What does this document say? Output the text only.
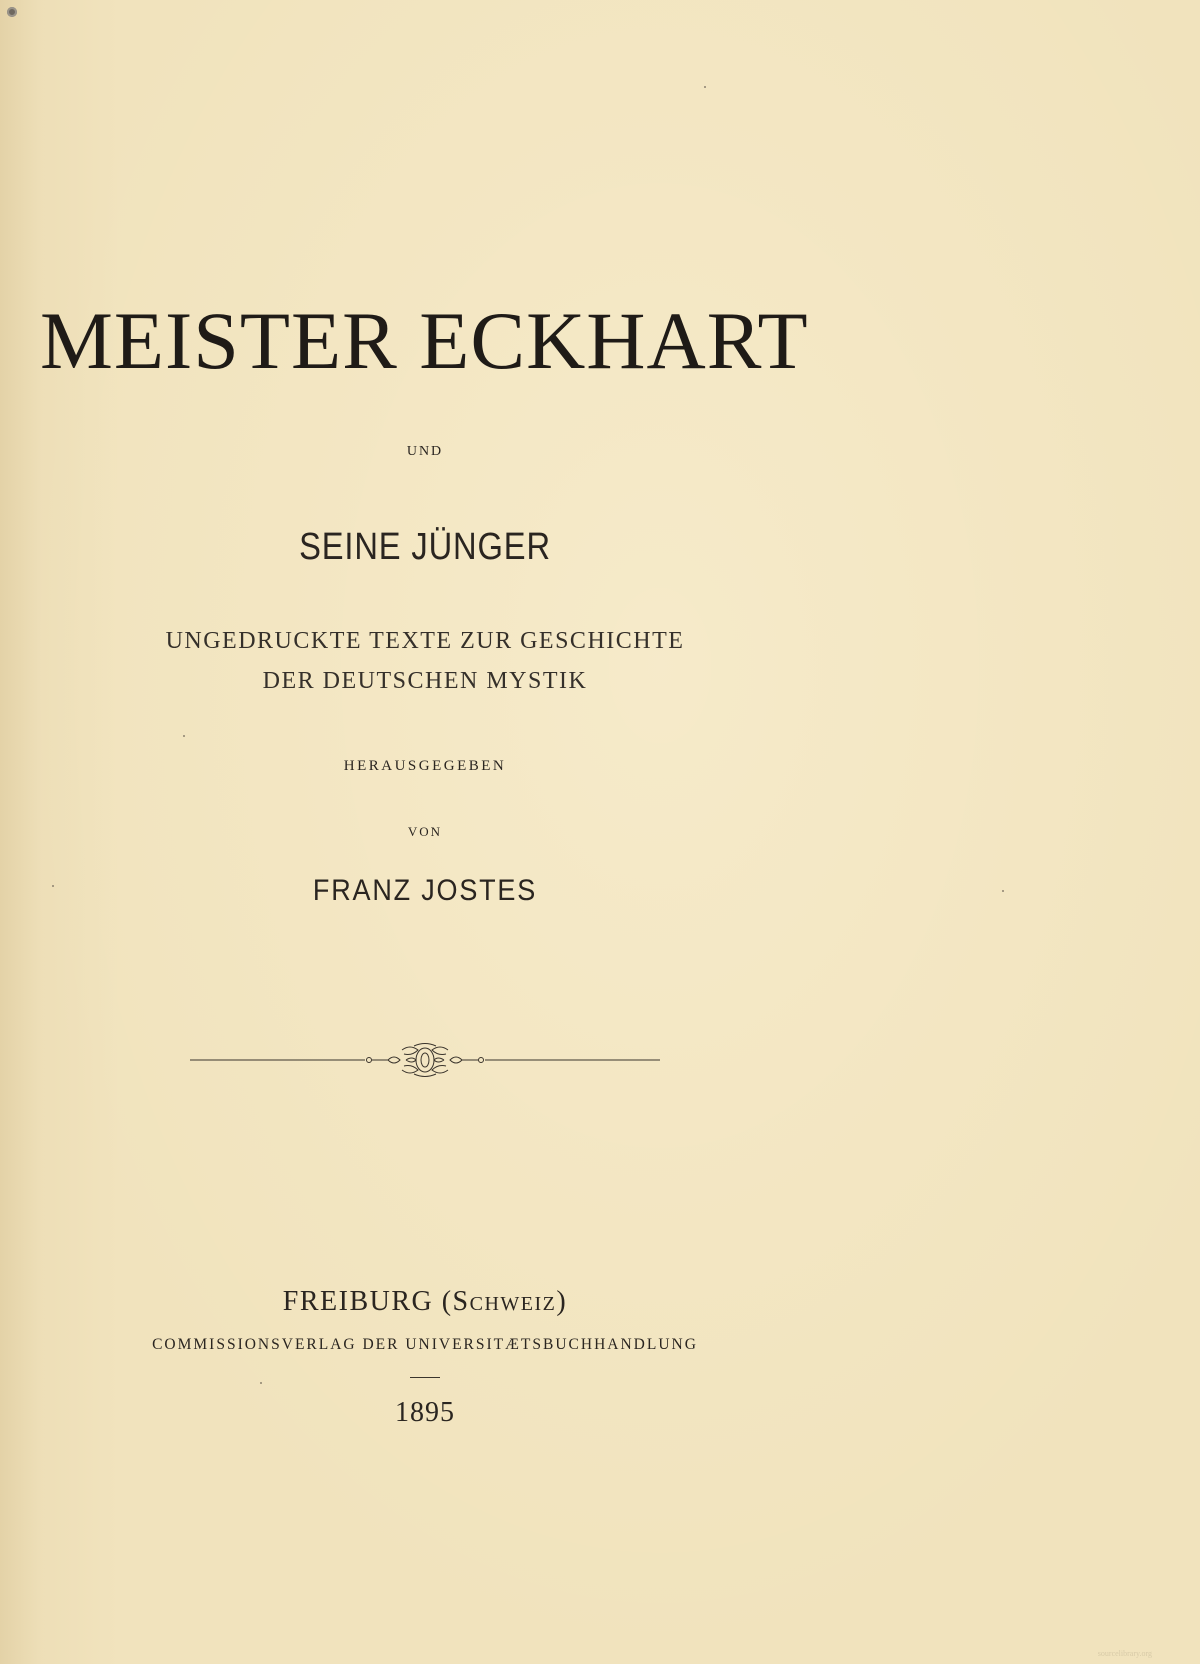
MEISTER ECKHART
UND
SEINE JÜNGER
UNGEDRUCKTE TEXTE ZUR GESCHICHTE
DER DEUTSCHEN MYSTIK
HERAUSGEGEBEN
VON
FRANZ JOSTES
FREIBURG (SCHWEIZ)
COMMISSIONSVERLAG DER UNIVERSITÆTSBUCHHANDLUNG
1895
sourcelibrary.org
